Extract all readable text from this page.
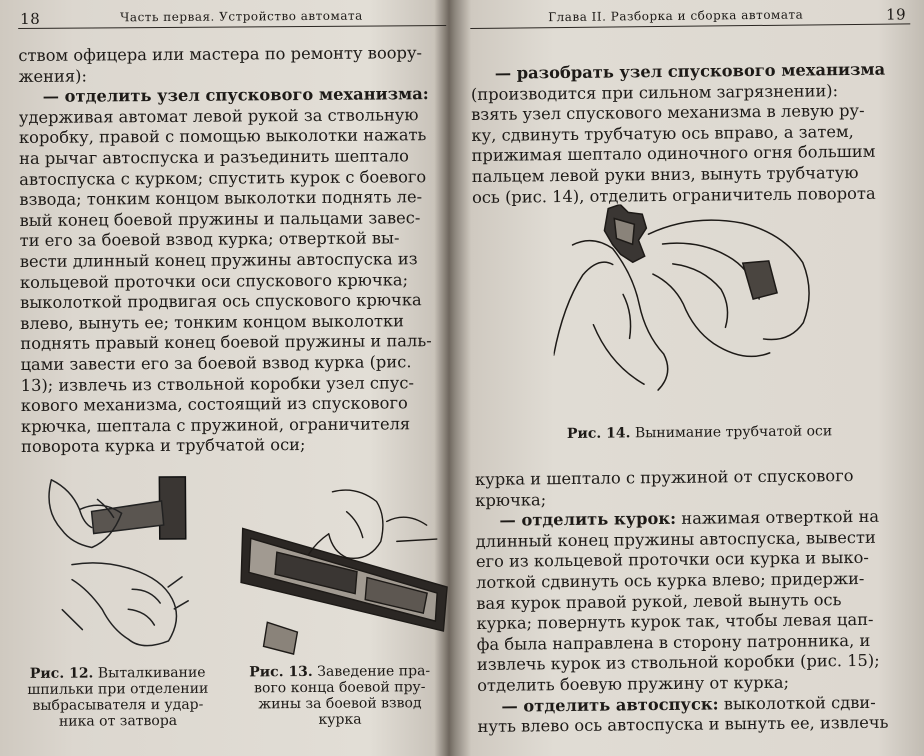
18	Часть первая. Устройство автомата
ством офицера или мастера по ремонту воору-
жения):
— отделить узел спускового механизма:
удерживая автомат левой рукой за ствольную
коробку, правой с помощью выколотки нажать
на рычаг автоспуска и разъединить шептало
автоспуска с курком; спустить курок с боевого
взвода; тонким концом выколотки поднять ле-
вый конец боевой пружины и пальцами завес-
ти его за боевой взвод курка; отверткой вы-
вести длинный конец пружины автоспуска из
кольцевой проточки оси спускового крючка;
выколоткой продвигая ось спускового крючка
влево, вынуть ее; тонким концом выколотки
поднять правый конец боевой пружины и паль-
цами завести его за боевой взвод курка (рис.
13); извлечь из ствольной коробки узел спус-
кового механизма, состоящий из спускового
крючка, шептала с пружиной, ограничителя
поворота курка и трубчатой оси;
Рис. 12. Выталкивание
шпильки при отделении
выбрасывателя и удар-
ника от затвора
Рис. 13. Заведение пра-
вого конца боевой пру-
жины за боевой взвод
курка
Глава II. Разборка и сборка автомата	19
— разобрать узел спускового механизма
(производится при сильном загрязнении):
взять узел спускового механизма в левую ру-
ку, сдвинуть трубчатую ось вправо, а затем,
прижимая шептало одиночного огня большим
пальцем левой руки вниз, вынуть трубчатую
ось (рис. 14), отделить ограничитель поворота
Рис. 14. Вынимание трубчатой оси
курка и шептало с пружиной от спускового
крючка;
— отделить курок: нажимая отверткой на
длинный конец пружины автоспуска, вывести
его из кольцевой проточки оси курка и выко-
лоткой сдвинуть ось курка влево; придержи-
вая курок правой рукой, левой вынуть ось
курка; повернуть курок так, чтобы левая цап-
фа была направлена в сторону патронника, и
извлечь курок из ствольной коробки (рис. 15);
отделить боевую пружину от курка;
— отделить автоспуск: выколоткой сдви-
нуть влево ось автоспуска и вынуть ее, извлечь
